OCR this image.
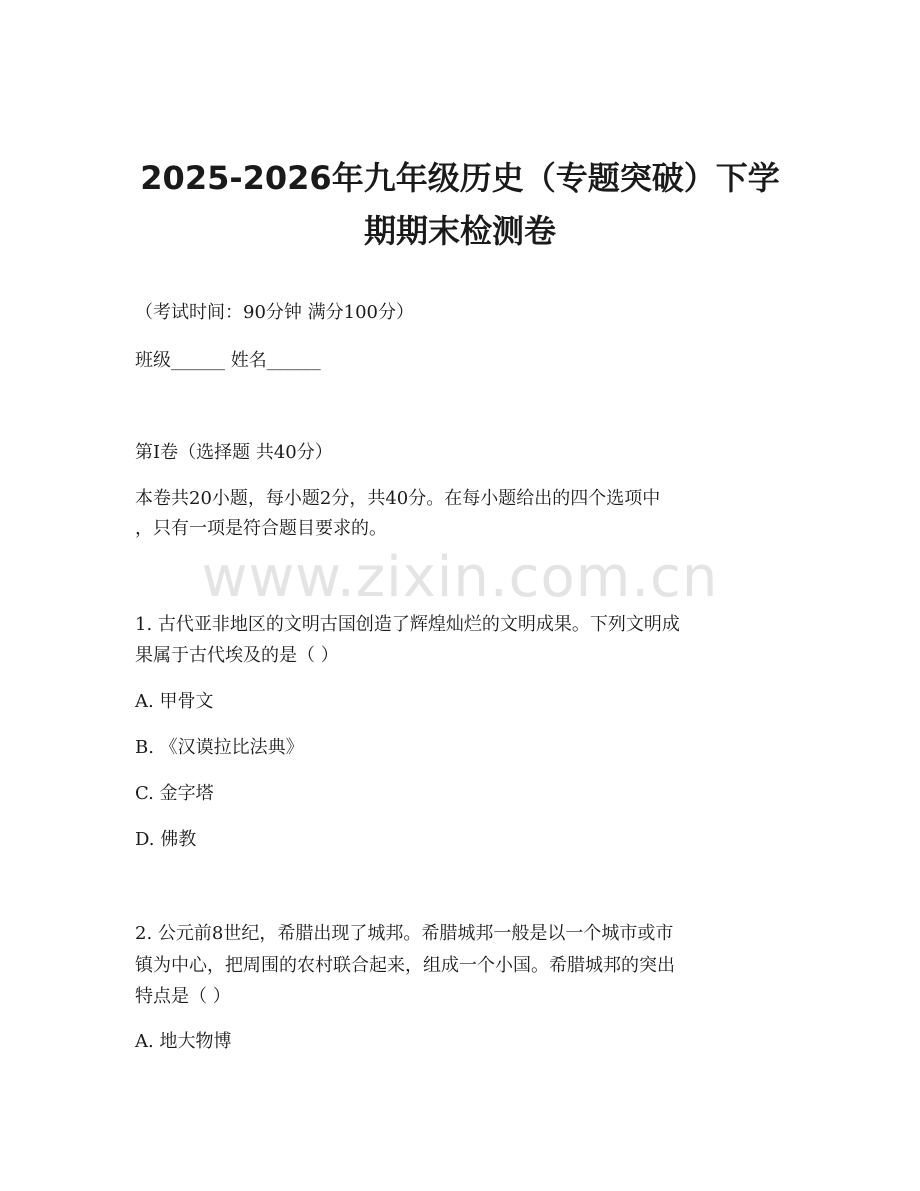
2025-2026年九年级历史（专题突破）下学
期期末检测卷

（考试时间：90分钟 满分100分）

班级______ 姓名______

第I卷（选择题 共40分）

本卷共20小题，每小题2分，共40分。在每小题给出的四个选项中

，只有一项是符合题目要求的。

www.zixin.com.cn

1. 古代亚非地区的文明古国创造了辉煌灿烂的文明成果。下列文明成

果属于古代埃及的是（ ）

A. 甲骨文

B. 《汉谟拉比法典》

C. 金字塔

D. 佛教

2. 公元前8世纪，希腊出现了城邦。希腊城邦一般是以一个城市或市

镇为中心，把周围的农村联合起来，组成一个小国。希腊城邦的突出

特点是（ ）

A. 地大物博
